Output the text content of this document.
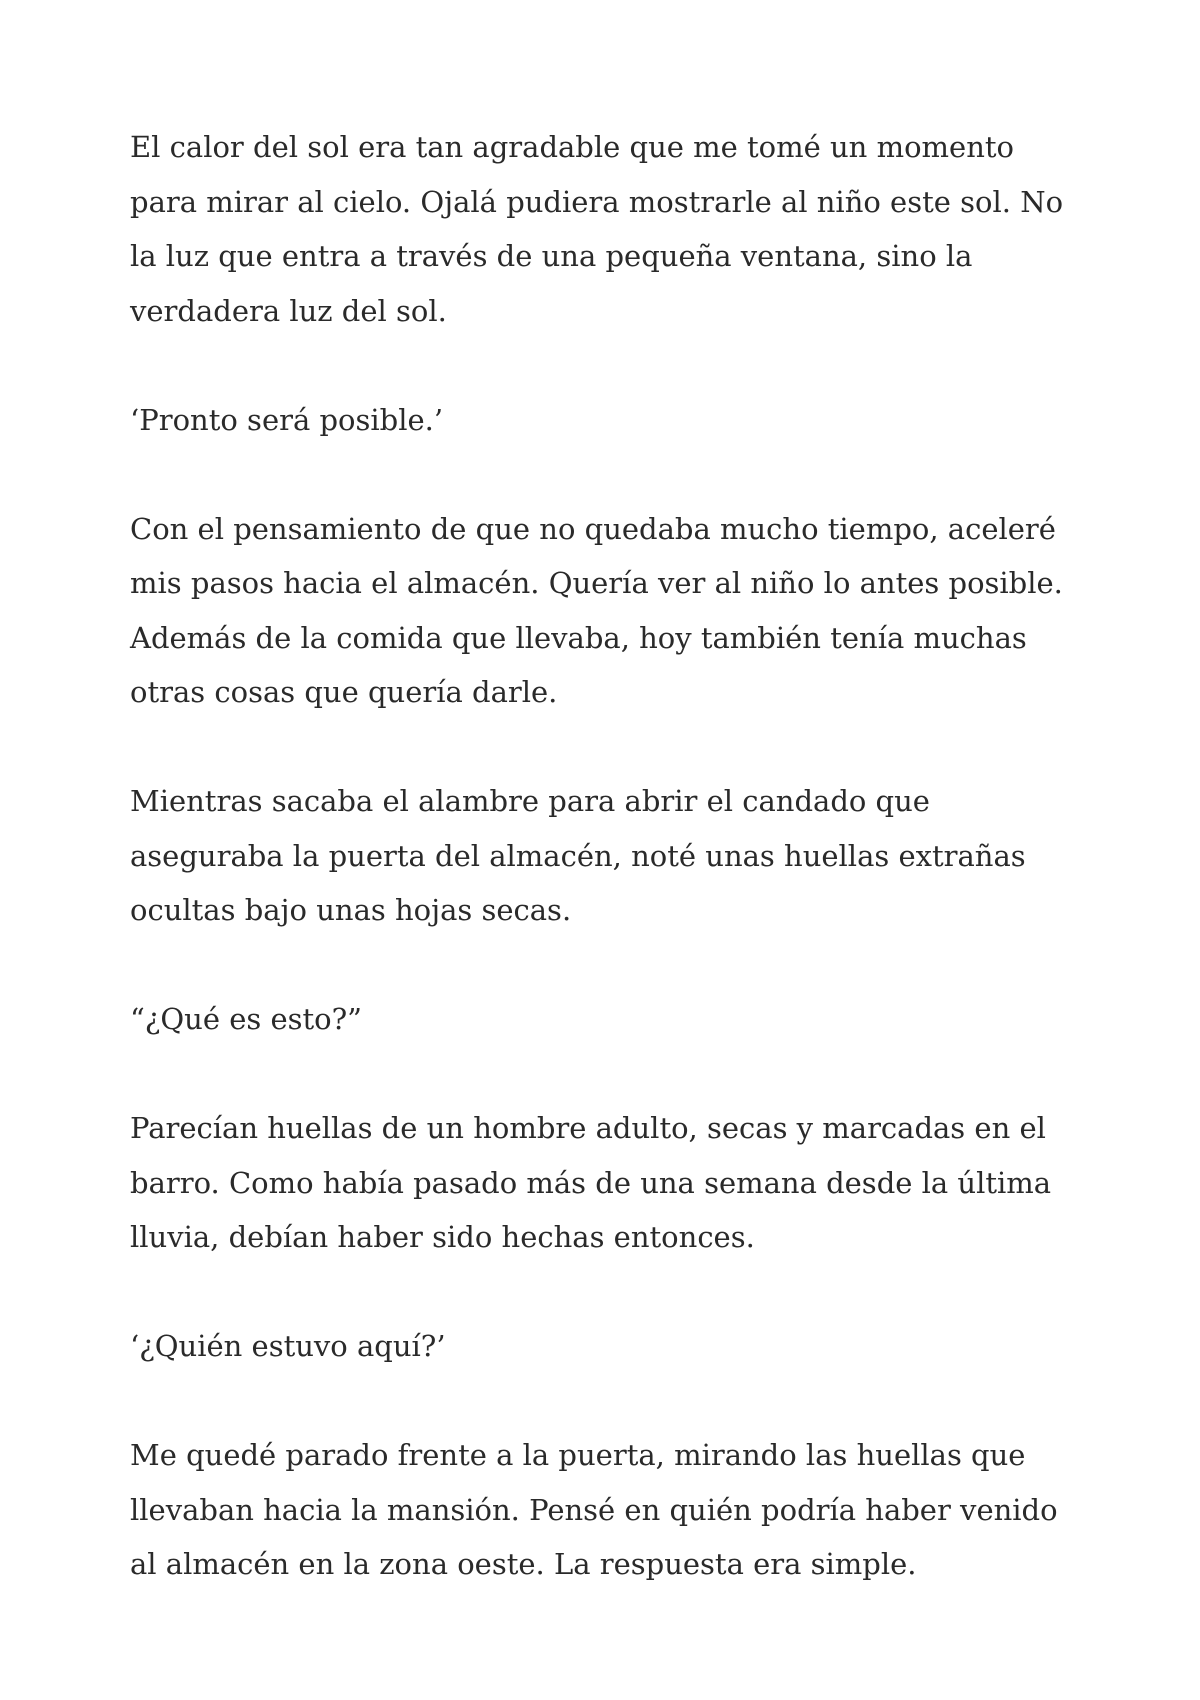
El calor del sol era tan agradable que me tomé un momento para mirar al cielo. Ojalá pudiera mostrarle al niño este sol. No la luz que entra a través de una pequeña ventana, sino la verdadera luz del sol.

‘Pronto será posible.’

Con el pensamiento de que no quedaba mucho tiempo, aceleré mis pasos hacia el almacén. Quería ver al niño lo antes posible. Además de la comida que llevaba, hoy también tenía muchas otras cosas que quería darle.

Mientras sacaba el alambre para abrir el candado que aseguraba la puerta del almacén, noté unas huellas extrañas ocultas bajo unas hojas secas.

“¿Qué es esto?”

Parecían huellas de un hombre adulto, secas y marcadas en el barro. Como había pasado más de una semana desde la última lluvia, debían haber sido hechas entonces.

‘¿Quién estuvo aquí?’

Me quedé parado frente a la puerta, mirando las huellas que llevaban hacia la mansión. Pensé en quién podría haber venido al almacén en la zona oeste. La respuesta era simple.
